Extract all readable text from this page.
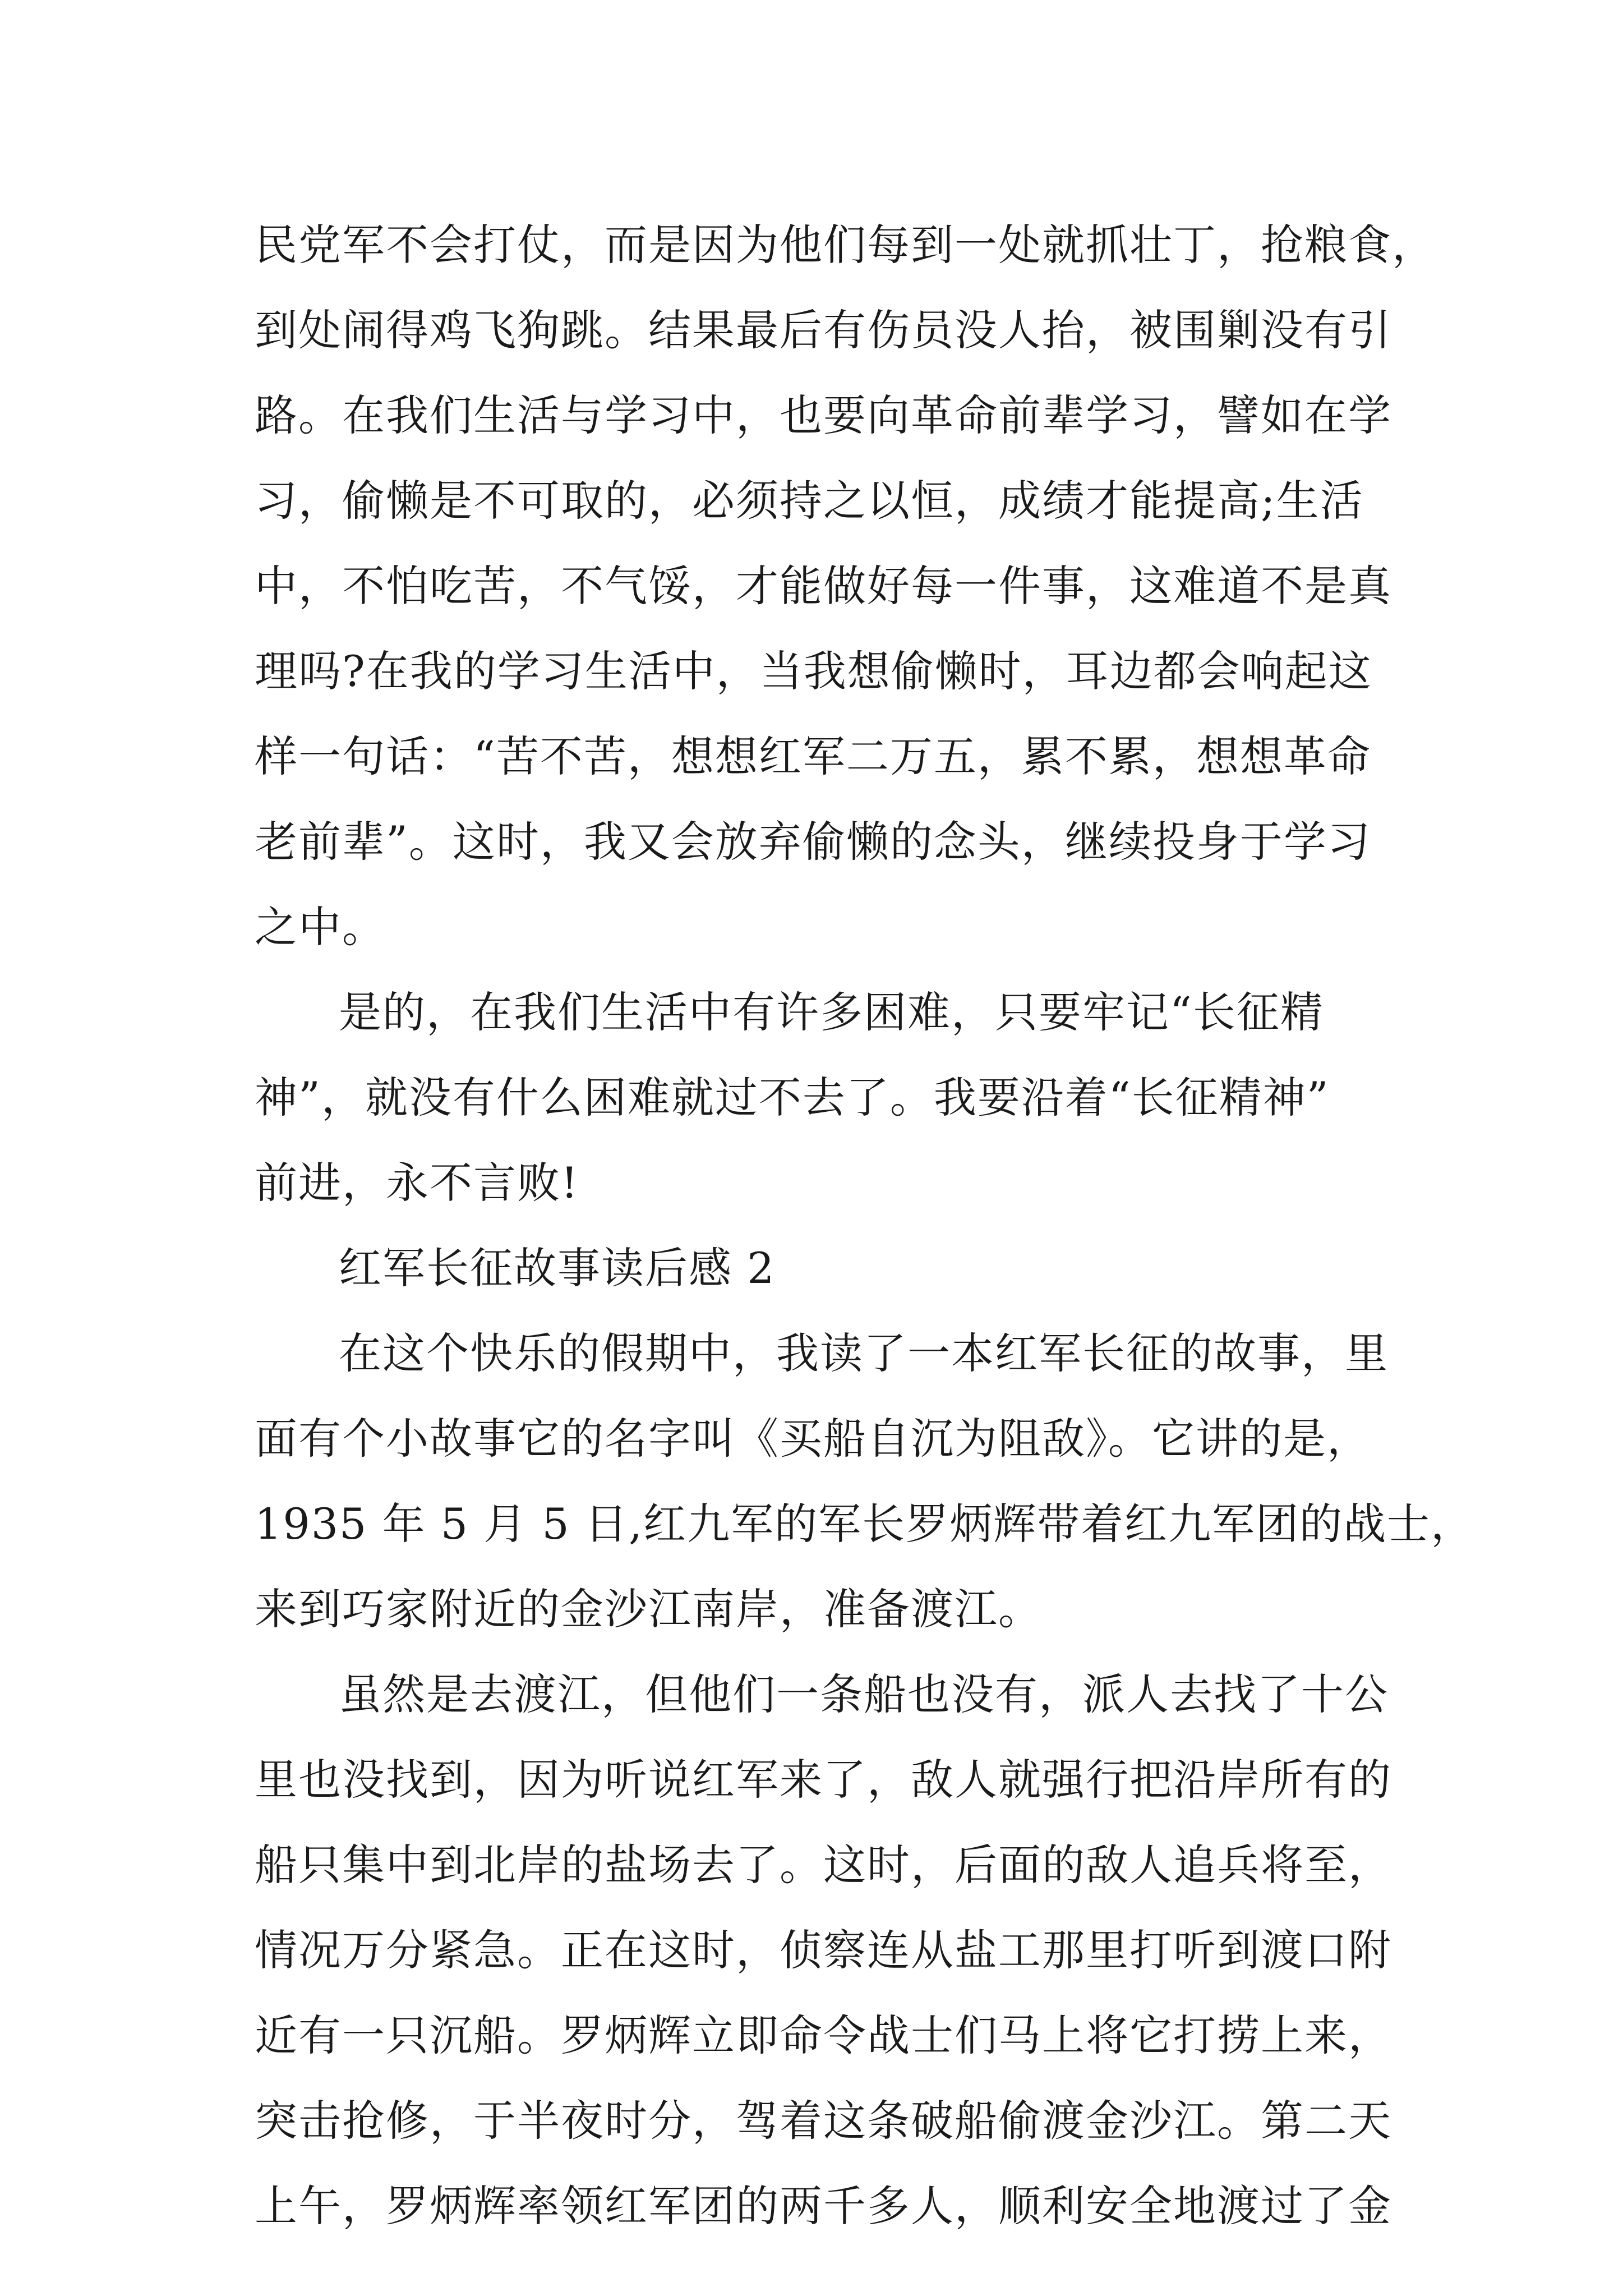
民党军不会打仗，而是因为他们每到一处就抓壮丁，抢粮食，
到处闹得鸡飞狗跳。结果最后有伤员没人抬，被围剿没有引
路。在我们生活与学习中，也要向革命前辈学习，譬如在学
习，偷懒是不可取的，必须持之以恒，成绩才能提高;生活
中，不怕吃苦，不气馁，才能做好每一件事，这难道不是真
理吗?在我的学习生活中，当我想偷懒时，耳边都会响起这
样一句话：“苦不苦，想想红军二万五，累不累，想想革命
老前辈”。这时，我又会放弃偷懒的念头，继续投身于学习
之中。
是的，在我们生活中有许多困难，只要牢记“长征精
神”，就没有什么困难就过不去了。我要沿着“长征精神”
前进，永不言败!
红军长征故事读后感 2
在这个快乐的假期中，我读了一本红军长征的故事，里
面有个小故事它的名字叫《买船自沉为阻敌》。它讲的是，
1935 年 5 月 5 日,红九军的军长罗炳辉带着红九军团的战士，
来到巧家附近的金沙江南岸，准备渡江。
虽然是去渡江，但他们一条船也没有，派人去找了十公
里也没找到，因为听说红军来了，敌人就强行把沿岸所有的
船只集中到北岸的盐场去了。这时，后面的敌人追兵将至，
情况万分紧急。正在这时，侦察连从盐工那里打听到渡口附
近有一只沉船。罗炳辉立即命令战士们马上将它打捞上来，
突击抢修，于半夜时分，驾着这条破船偷渡金沙江。第二天
上午，罗炳辉率领红军团的两千多人，顺利安全地渡过了金
